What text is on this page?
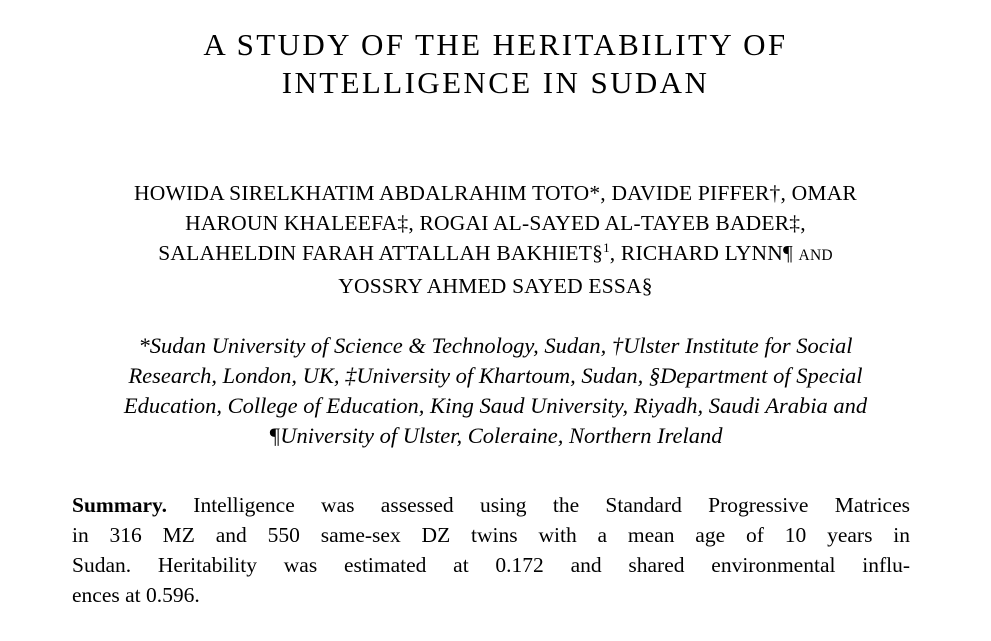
A STUDY OF THE HERITABILITY OF
INTELLIGENCE IN SUDAN
HOWIDA SIRELKHATIM ABDALRAHIM TOTO*, DAVIDE PIFFER†, OMAR
HAROUN KHALEEFA‡, ROGAI AL-SAYED AL-TAYEB BADER‡,
SALAHELDIN FARAH ATTALLAH BAKHIET§$^1$, RICHARD LYNN¶ AND
YOSSRY AHMED SAYED ESSA§
*Sudan University of Science & Technology, Sudan, †Ulster Institute for Social
Research, London, UK, ‡University of Khartoum, Sudan, §Department of Special
Education, College of Education, King Saud University, Riyadh, Saudi Arabia and
¶University of Ulster, Coleraine, Northern Ireland
Summary. Intelligence was assessed using the Standard Progressive Matrices
in 316 MZ and 550 same-sex DZ twins with a mean age of 10 years in
Sudan. Heritability was estimated at 0.172 and shared environmental influ-
ences at 0.596.
